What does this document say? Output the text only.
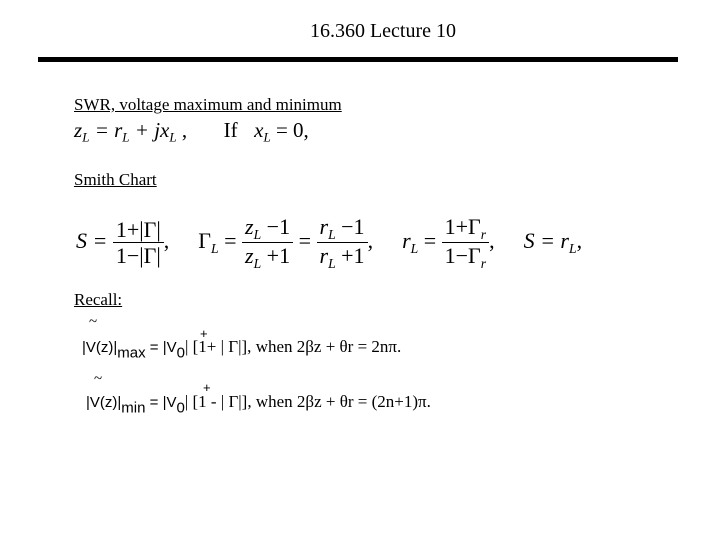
16.360 Lecture 10
SWR, voltage maximum and minimum
$z_L = r_L + jx_L$ , If $x_L = 0$,
Smith Chart
$S = \frac{1+|\Gamma|}{1-|\Gamma|}$ , $\Gamma_L = \frac{z_L -1}{z_L +1} = \frac{r_L -1}{r_L +1}$ , $r_L = \frac{1+\Gamma_r}{1-\Gamma_r}$ , $S = r_L$,
Recall:
~
+
|V(z)|max = |V0| [1+ | Γ|], when 2βz + θr = 2nπ.
~
+
|V(z)|min = |V0| [1 - | Γ|], when 2βz + θr = (2n+1)π.
